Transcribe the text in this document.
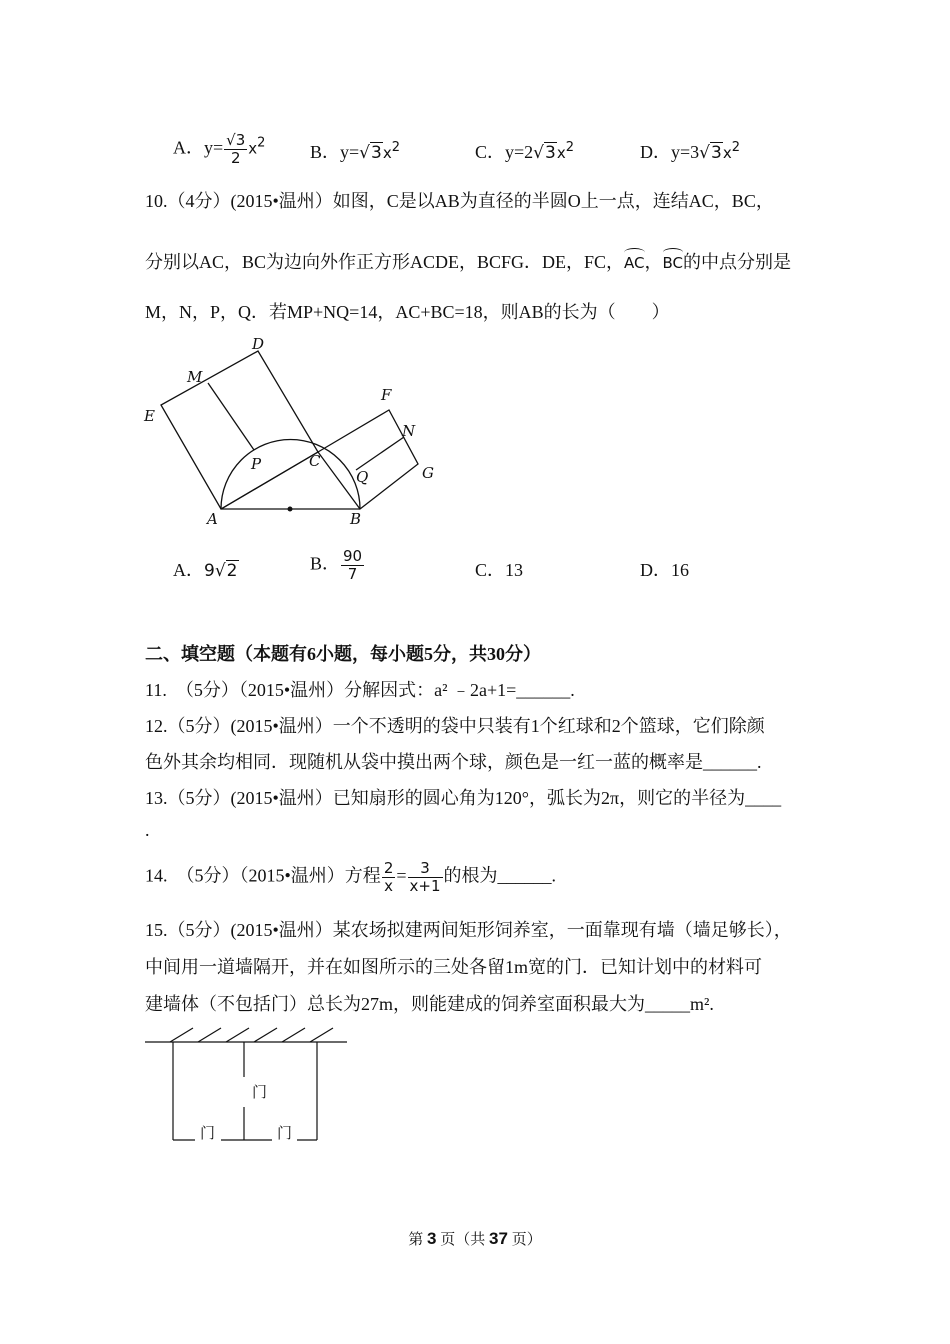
A．$y= \frac{√3}{2} x^2$ B．$y=√3x^2$	C．$y=2√3x^2$	D．$y=3√3x^2$
10.（4分）(2015•温州）如图，C是以AB为直径的半圆O上一点，连结AC，BC，
分别以AC，BC为边向外作正方形ACDE，BCFG．DE，FC，AC，BC的中点分别是
M，N，P，Q．若MP+NQ=14，AC+BC=18，则AB的长为（　　）
D
M
E
F
N
P	C
Q	G
A	B
A．9√2	B． $\frac{90}{7}$	C．13	D．16
二、填空题（本题有6小题，每小题5分，共30分）
11.　（5分）（2015•温州）分解因式：a² ﹣2a+1=______.
12.（5分）(2015•温州）一个不透明的袋中只装有1个红球和2个篮球，它们除颜
色外其余均相同．现随机从袋中摸出两个球，颜色是一红一蓝的概率是______.
13.（5分）(2015•温州）已知扇形的圆心角为120°，弧长为2π，则它的半径为____
.
14.　（5分）（2015•温州）方程 $\frac{2}{x} = \frac{3}{x+1}$ 的根为______.
15.（5分）(2015•温州）某农场拟建两间矩形饲养室，一面靠现有墙（墙足够长），
中间用一道墙隔开，并在如图所示的三处各留1m宽的门．已知计划中的材料可
建墙体（不包括门）总长为27m，则能建成的饲养室面积最大为_____m².
门
门	门
第 3 页（共 37 页）
